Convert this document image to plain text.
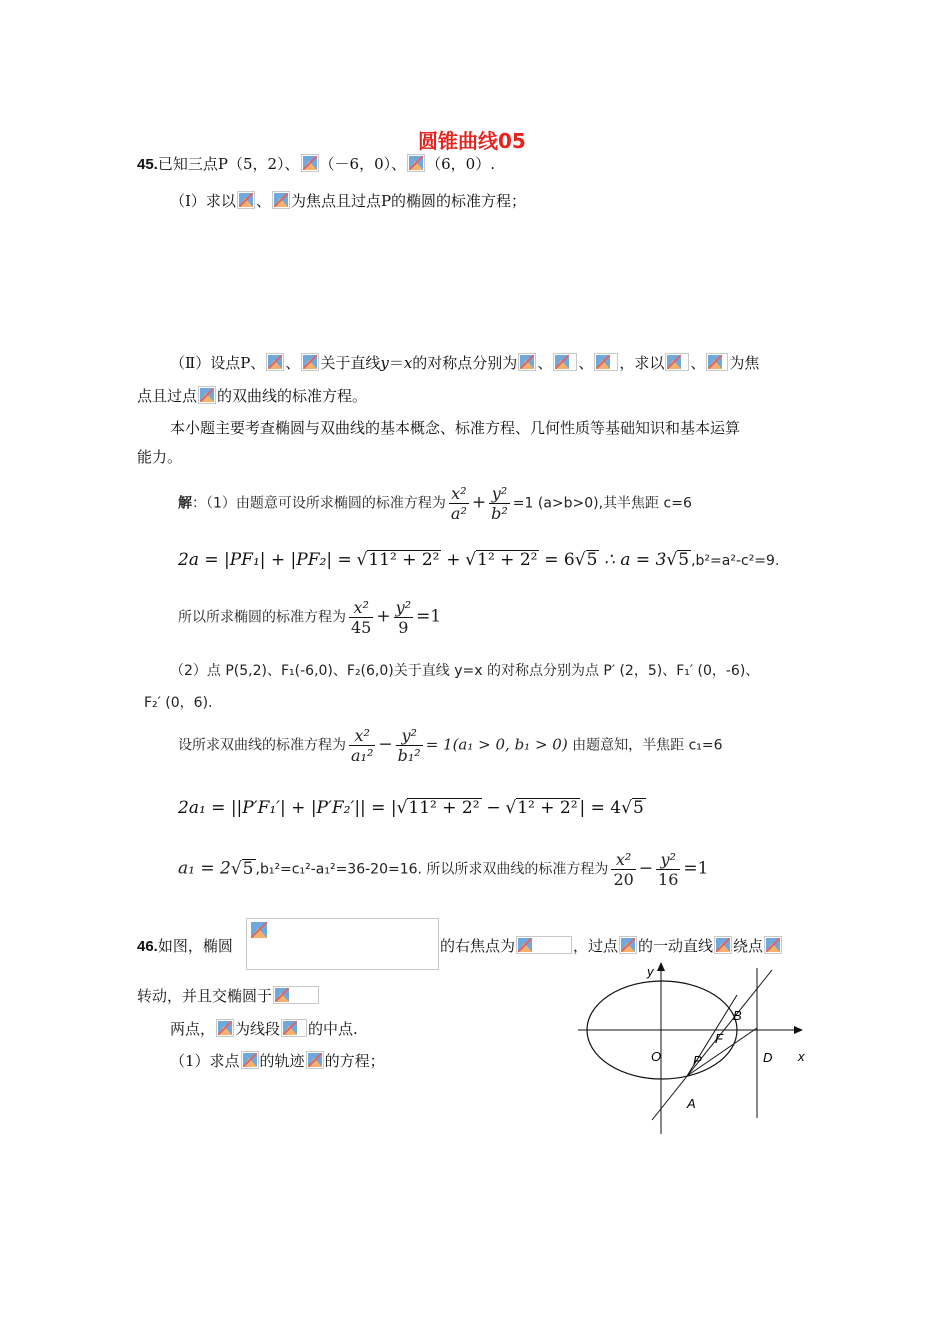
圆锥曲线05
45.已知三点P（5，2）、 （－6，0）、 （6，0）.
（Ⅰ）求以 、 为焦点且过点P的椭圆的标准方程；
（Ⅱ）设点P、 、 关于直线y＝x的对称点分别为 、 、 ，求以 、 为焦
点且过点 的双曲线的标准方程。
本小题主要考查椭圆与双曲线的基本概念、标准方程、几何性质等基础知识和基本运算
能力。
解：（1）由题意可设所求椭圆的标准方程为 $\frac{\text{x²}}{\text{a²}} + \frac{\text{y²}}{\text{b²}} =1$ (a>b>0),其半焦距 c=6
2a = |PF₁| + |PF₂| = √11² + 2² + √1² + 2² = 6√5 ∴ a = 3√5 ,b²=a²-c²=9.
所以所求椭圆的标准方程为 $\frac{\text{x²}}{45} + \frac{\text{y²}}{9} =1$
（2）点 P(5,2)、F₁(-6,0)、F₂(6,0)关于直线 y=x 的对称点分别为点 P′ (2，5)、F₁′ (0，-6)、
F₂′ (0，6).
设所求双曲线的标准方程为 $\frac{\text{x²}}{\text{a₁²}} - \frac{\text{y²}}{\text{b₁²}} = 1(a_1 > 0$, b₁ > 0) 由题意知，半焦距 c₁=6
2a₁ = ||P′F₁′| + |P′F₂′|| = |√11² + 2² − √1² + 2² | = 4√5
a₁ = 2√5 ,b₁²=c₁²-a₁²=36-20=16. 所以所求双曲线的标准方程为 $\frac{\text{x²}}{20} - \frac{\text{y²}}{16} =1$
46.如图，椭圆	的右焦点为	，过点 的一动直线 绕点
转动，并且交椭圆于
两点， 为线段 的中点.
（1）求点 的轨迹 的方程；
y
x
O	D
F
B
P
A
